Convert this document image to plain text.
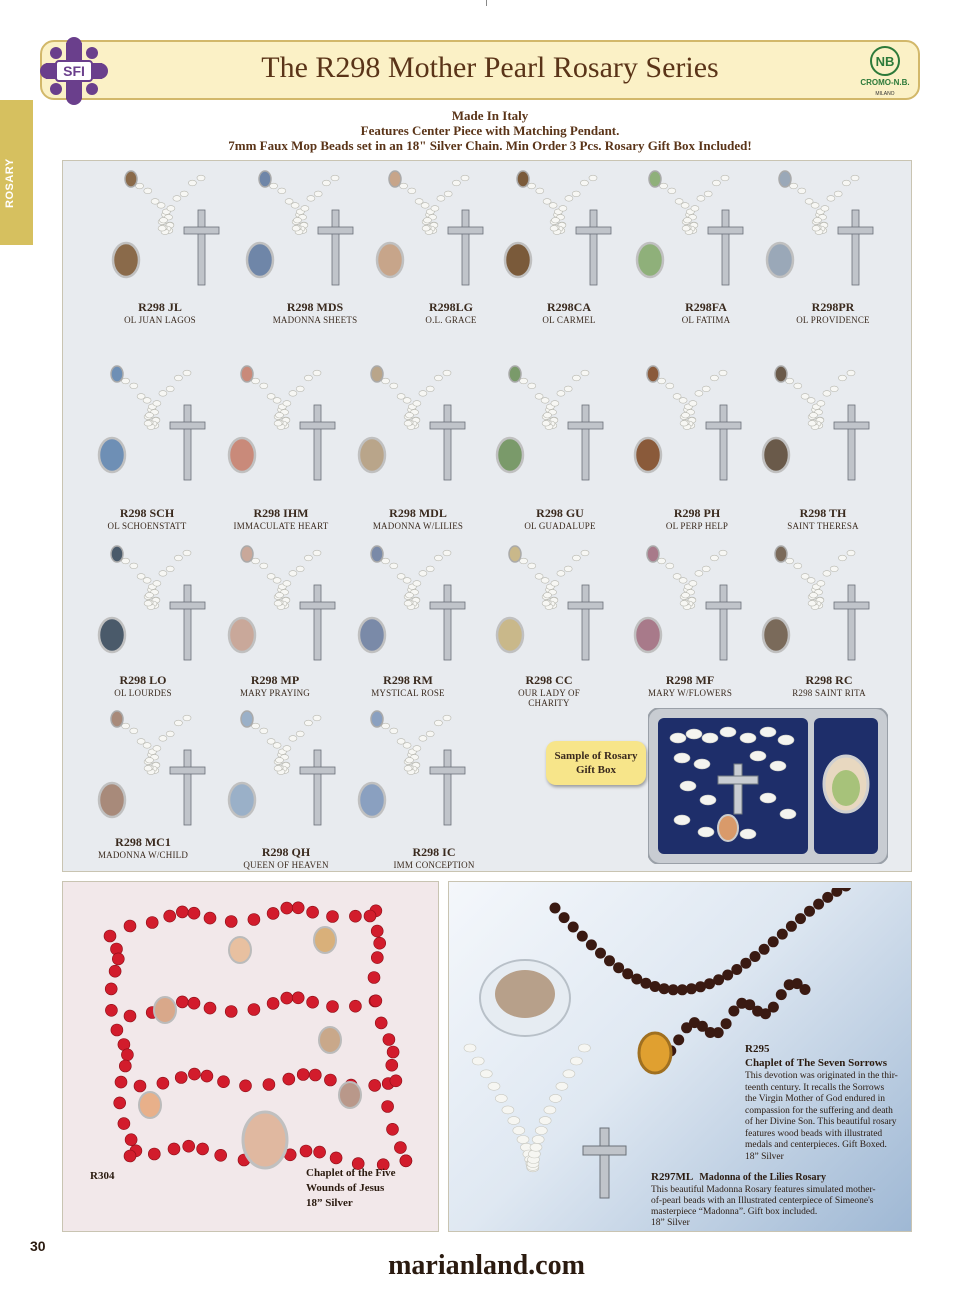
ROSARY
SFI	The R298 Mother Pearl Rosary Series	NB
CROMO-N.B.
MILANO
Made In Italy
Features Center Piece with Matching Pendant.
7mm Faux Mop Beads set in an 18" Silver Chain. Min Order 3 Pcs. Rosary Gift Box Included!
R298 JL
OL JUAN LAGOS
R298 MDS
MADONNA SHEETS
R298LG
O.L. GRACE
R298CA
OL CARMEL
R298FA
OL FATIMA
R298PR
OL PROVIDENCE
R298 SCH
OL SCHOENSTATT
R298 IHM
IMMACULATE HEART
R298 MDL
MADONNA W/LILIES
R298 GU
OL GUADALUPE
R298 PH
OL PERP HELP
R298 TH
SAINT THERESA
R298 LO
OL LOURDES
R298 MP
MARY PRAYING
R298 RM
MYSTICAL ROSE
R298 CC
OUR LADY OF CHARITY
R298 MF
MARY W/FLOWERS
R298 RC
R298 SAINT RITA
R298 MC1
MADONNA W/CHILD	R298 QH
QUEEN OF HEAVEN
R298 IC
IMM CONCEPTION
Sample of Rosary
Gift Box
R304	Chaplet of the Five
Wounds of Jesus
18” Silver
R295
Chaplet of The Seven Sorrows
This devotion was originated in the thir-
teenth century. It recalls the Sorrows
the Virgin Mother of God endured in
compassion for the suffering and death
of her Divine Son. This beautiful rosary
features wood beads with illustrated
medals and centerpieces. Gift Boxed.
18” Silver
R297ML Madonna of the Lilies Rosary
This beautiful Madonna Rosary features simulated mother-
of-pearl beads with an Illustrated centerpiece of Simeone's
masterpiece “Madonna”. Gift box included.
18” Silver
30
marianland.com
